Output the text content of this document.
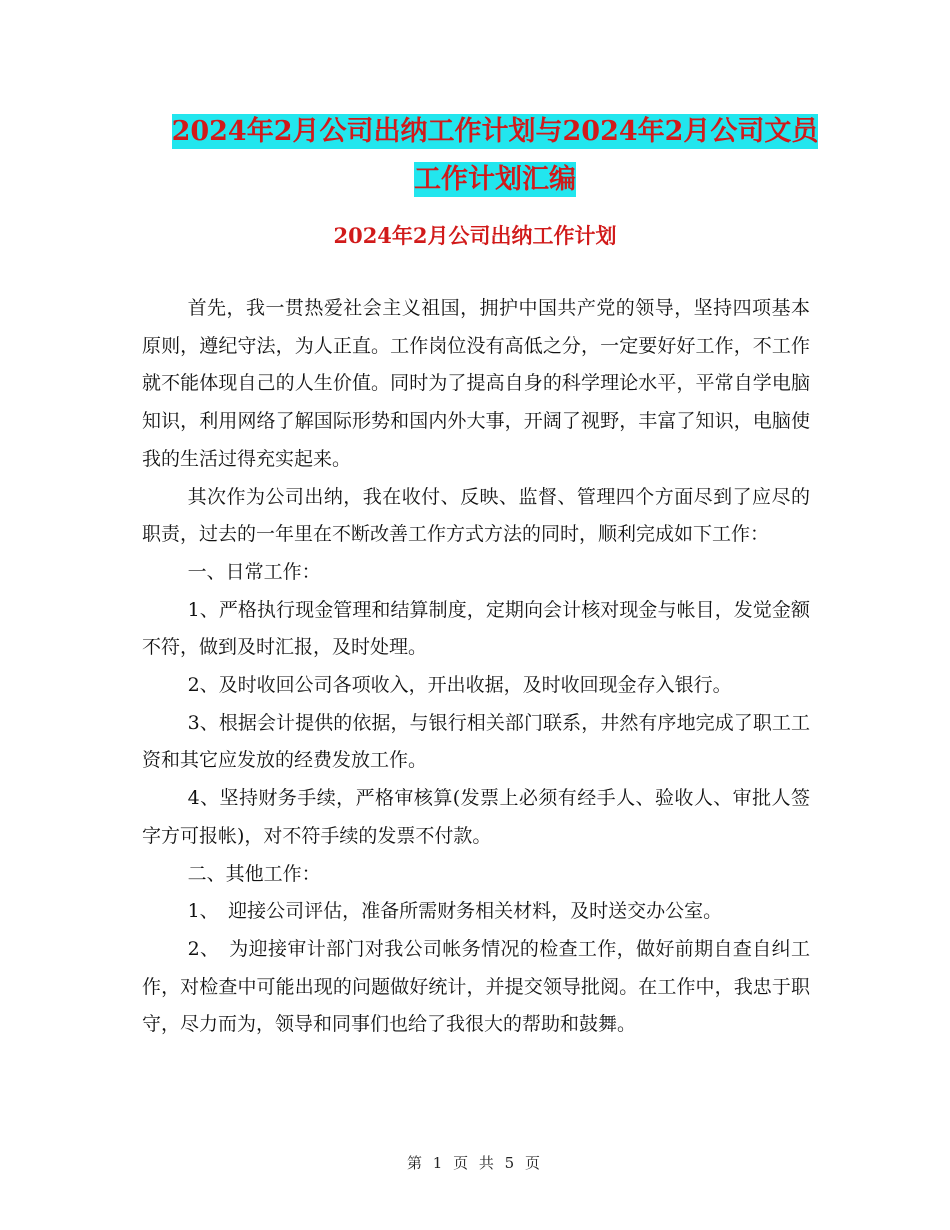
2024年2月公司出纳工作计划与2024年2月公司文员
工作计划汇编
2024年2月公司出纳工作计划

首先，我一贯热爱社会主义祖国，拥护中国共产党的领导，坚持四项基本原则，遵纪守法，为人正直。工作岗位没有高低之分，一定要好好工作，不工作就不能体现自己的人生价值。同时为了提高自身的科学理论水平，平常自学电脑知识，利用网络了解国际形势和国内外大事，开阔了视野，丰富了知识，电脑使我的生活过得充实起来。

其次作为公司出纳，我在收付、反映、监督、管理四个方面尽到了应尽的职责，过去的一年里在不断改善工作方式方法的同时，顺利完成如下工作：

一、日常工作：

1、严格执行现金管理和结算制度，定期向会计核对现金与帐目，发觉金额不符，做到及时汇报，及时处理。

2、及时收回公司各项收入，开出收据，及时收回现金存入银行。

3、根据会计提供的依据，与银行相关部门联系，井然有序地完成了职工工资和其它应发放的经费发放工作。

4、坚持财务手续，严格审核算(发票上必须有经手人、验收人、审批人签字方可报帐)，对不符手续的发票不付款。

二、其他工作：

1、　迎接公司评估，准备所需财务相关材料，及时送交办公室。

2、　为迎接审计部门对我公司帐务情况的检查工作，做好前期自查自纠工作，对检查中可能出现的问题做好统计，并提交领导批阅。在工作中，我忠于职守，尽力而为，领导和同事们也给了我很大的帮助和鼓舞。

第 1 页 共 5 页
